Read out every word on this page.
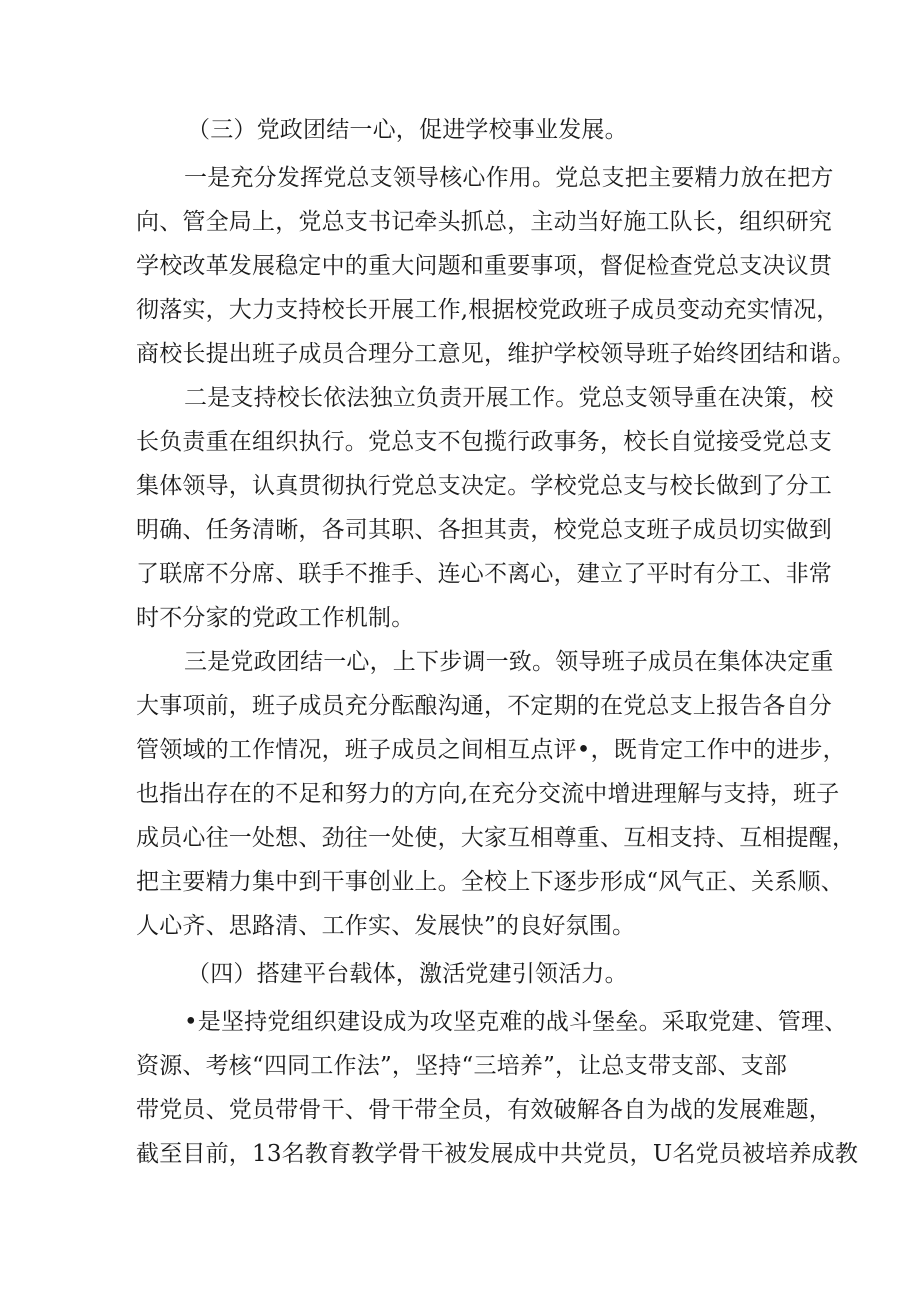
（三）党政团结一心，促进学校事业发展。
一是充分发挥党总支领导核心作用。党总支把主要精力放在把方
向、管全局上，党总支书记牵头抓总，主动当好施工队长，组织研究
学校改革发展稳定中的重大问题和重要事项，督促检查党总支决议贯
彻落实，大力支持校长开展工作,根据校党政班子成员变动充实情况，
商校长提出班子成员合理分工意见，维护学校领导班子始终团结和谐。
二是支持校长依法独立负责开展工作。党总支领导重在决策，校
长负责重在组织执行。党总支不包揽行政事务，校长自觉接受党总支
集体领导，认真贯彻执行党总支决定。学校党总支与校长做到了分工
明确、任务清晰，各司其职、各担其责，校党总支班子成员切实做到
了联席不分席、联手不推手、连心不离心，建立了平时有分工、非常
时不分家的党政工作机制。
三是党政团结一心，上下步调一致。领导班子成员在集体决定重
大事项前，班子成员充分酝酿沟通，不定期的在党总支上报告各自分
管领域的工作情况，班子成员之间相互点评•，既肯定工作中的进步，
也指出存在的不足和努力的方向,在充分交流中增进理解与支持，班子
成员心往一处想、劲往一处使，大家互相尊重、互相支持、互相提醒，
把主要精力集中到干事创业上。全校上下逐步形成“风气正、关系顺、
人心齐、思路清、工作实、发展快”的良好氛围。
（四）搭建平台载体，激活党建引领活力。
•是坚持党组织建设成为攻坚克难的战斗堡垒。采取党建、管理、
资源、考核“四同工作法”，坚持“三培养”，让总支带支部、支部
带党员、党员带骨干、骨干带全员，有效破解各自为战的发展难题，
截至目前，13名教育教学骨干被发展成中共党员，U名党员被培养成教
